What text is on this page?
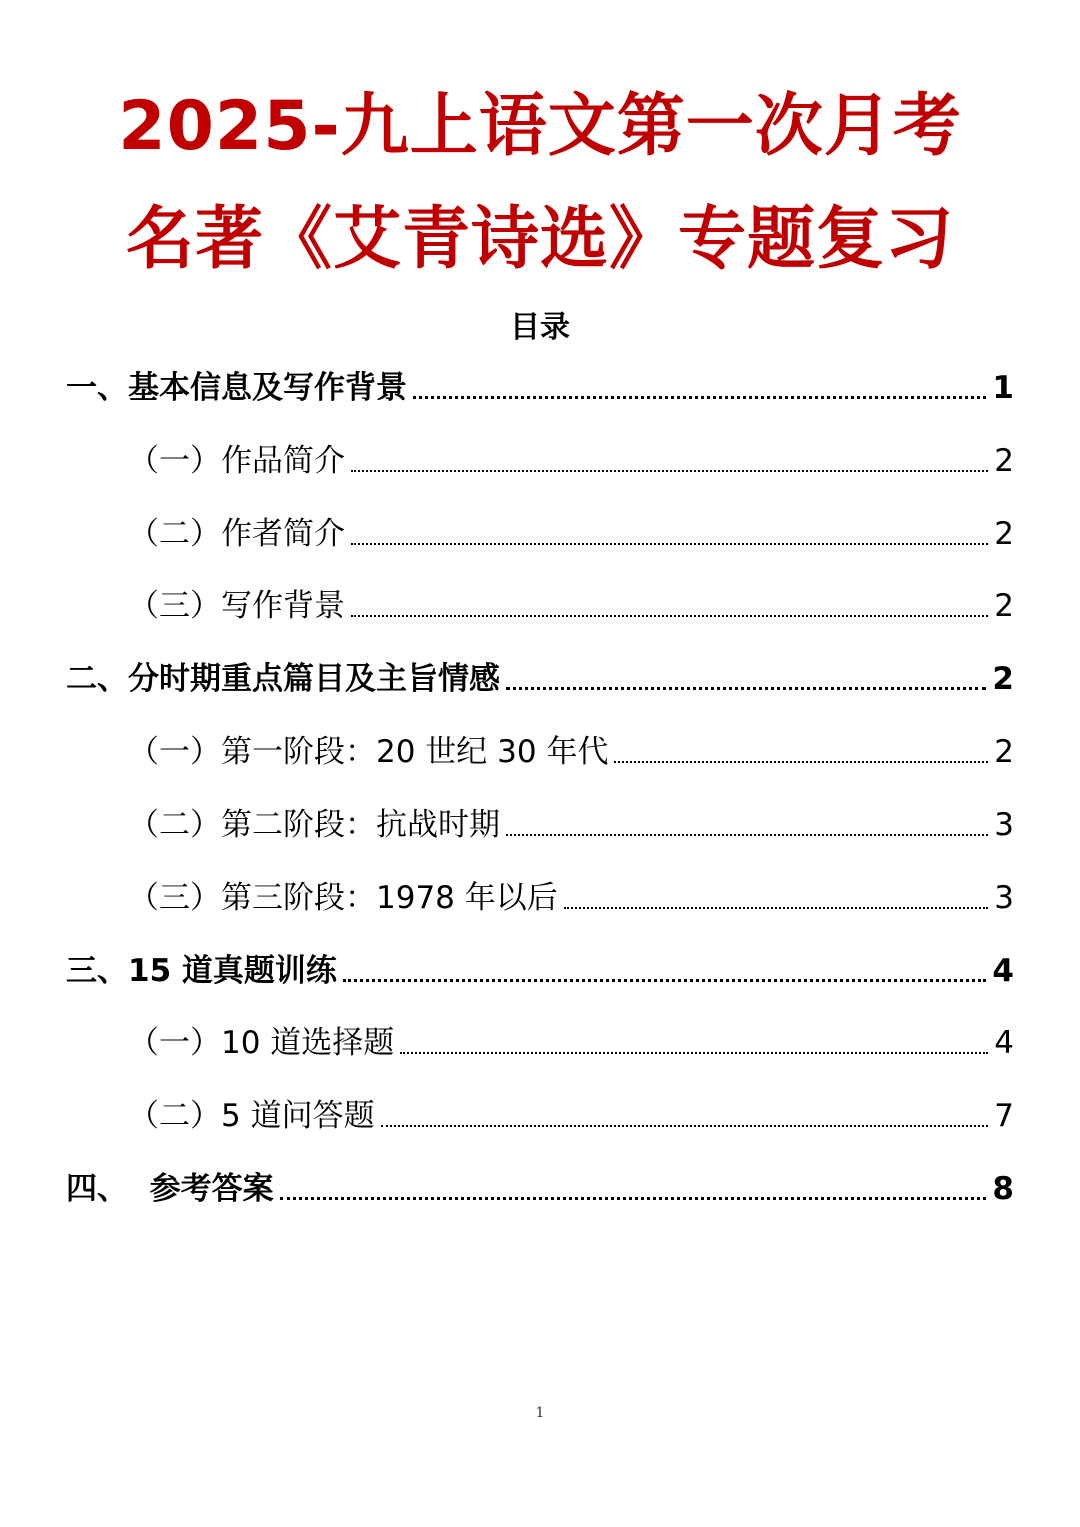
2025-九上语文第一次月考
名著《艾青诗选》专题复习
目录
一、基本信息及写作背景	1
（一）作品简介	2
（二）作者简介	2
（三）写作背景	2
二、分时期重点篇目及主旨情感	2
（一）第一阶段：20 世纪 30 年代	2
（二）第二阶段：抗战时期	3
（三）第三阶段：1978 年以后	3
三、15 道真题训练	4
（一）10 道选择题	4
（二）5 道问答题	7
四、  参考答案	8
1
